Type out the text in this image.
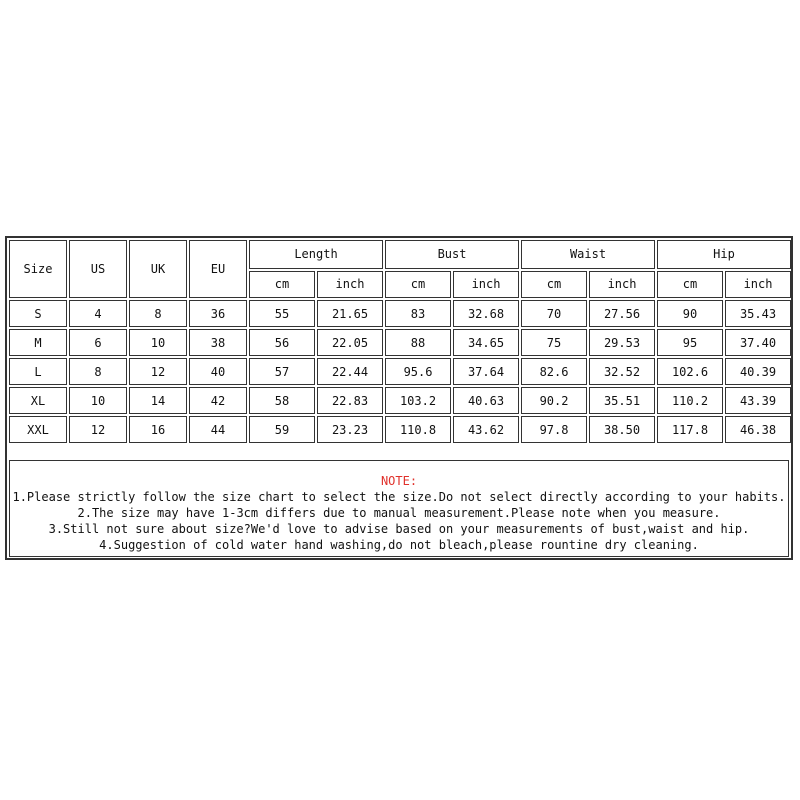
Size	US	UK	EU	Length		Bust		Waist		Hip	
				cm	inch	cm	inch	cm	inch	cm	inch
S	4	8	36	55	21.65	83	32.68	70	27.56	90	35.43
M	6	10	38	56	22.05	88	34.65	75	29.53	95	37.40
L	8	12	40	57	22.44	95.6	37.64	82.6	32.52	102.6	40.39
XL	10	14	42	58	22.83	103.2	40.63	90.2	35.51	110.2	43.39
XXL	12	16	44	59	23.23	110.8	43.62	97.8	38.50	117.8	46.38
NOTE:
1.Please strictly follow the size chart to select the size.Do not select directly according to your habits.
2.The size may have 1-3cm differs due to manual measurement.Please note when you measure.
3.Still not sure about size?We'd love to advise based on your measurements of bust,waist and hip.
4.Suggestion of cold water hand washing,do not bleach,please rountine dry cleaning.
